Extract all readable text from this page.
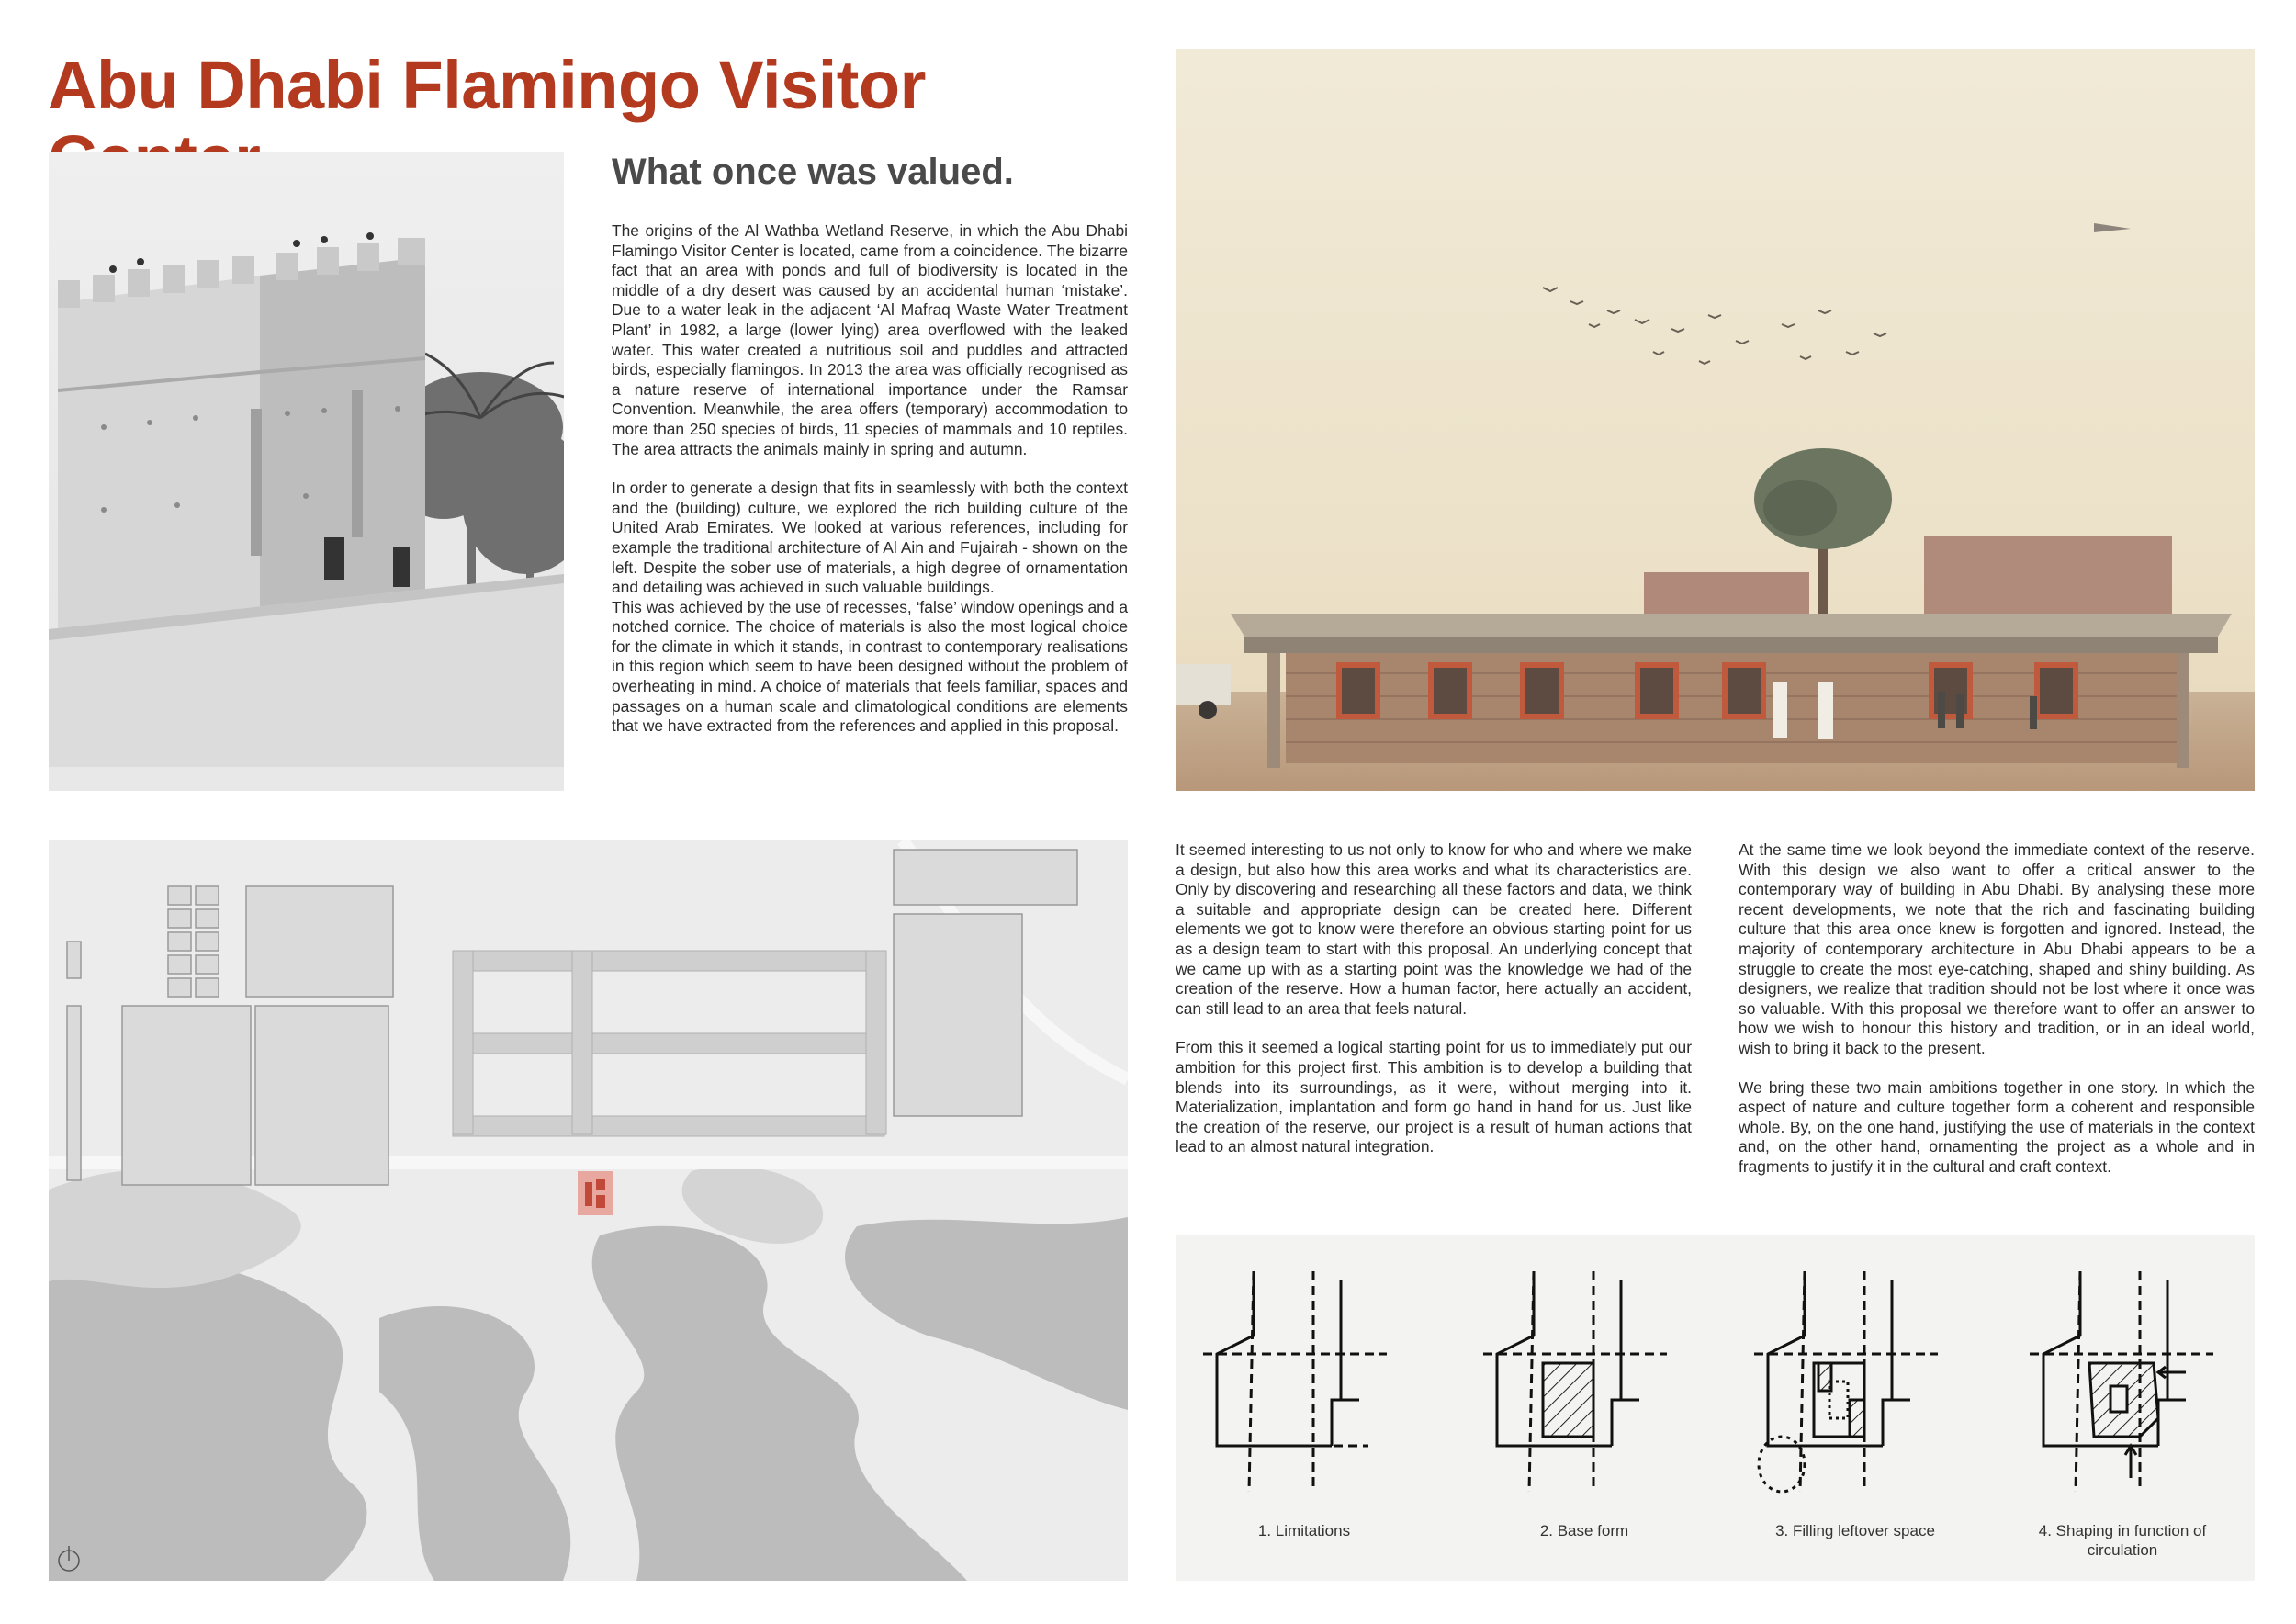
Abu Dhabi Flamingo Visitor
What once was valued.

The origins of the Al Wathba Wetland Reserve, in which the Abu Dhabi Flamingo Visitor Center is located, came from a coincidence. The bizarre fact that an area with ponds and full of biodiversity is located in the middle of a dry desert was caused by an accidental human ‘mistake’. Due to a water leak in the adjacent ‘Al Mafraq Waste Water Treatment Plant’ in 1982, a large (lower lying) area overflowed with the leaked water. This water created a nutritious soil and puddles and attracted birds, especially flamingos. In 2013 the area was officially recognised as a nature reserve of international importance under the Ramsar Convention. Meanwhile, the area offers (temporary) accommodation to more than 250 species of birds, 11 species of mammals and 10 reptiles. The area attracts the animals mainly in spring and autumn.

In order to generate a design that fits in seamlessly with both the context and the (building) culture, we explored the rich building culture of the United Arab Emirates. We looked at various references, including for example the traditional architecture of Al Ain and Fujairah - shown on the left. Despite the sober use of materials, a high degree of ornamentation and detailing was achieved in such valuable buildings.

This was achieved by the use of recesses, ‘false’ window openings and a notched cornice. The choice of materials is also the most logical choice for the climate in which it stands, in contrast to contemporary realisations in this region which seem to have been designed without the problem of overheating in mind. A choice of materials that feels familiar, spaces and passages on a human scale and climatological conditions are elements that we have extracted from the references and applied in this proposal.

It seemed interesting to us not only to know for who and where we make a design, but also how this area works and what its characteristics are. Only by discovering and researching all these factors and data, we think a suitable and appropriate design can be created here. Different elements we got to know were therefore an obvious starting point for us as a design team to start with this proposal. An underlying concept that we came up with as a starting point was the knowledge we had of the creation of the reserve. How a human factor, here actually an accident, can still lead to an area that feels natural.

From this it seemed a logical starting point for us to immediately put our ambition for this project first. This ambition is to develop a building that blends into its surroundings, as it were, without merging into it. Materialization, implantation and form go hand in hand for us. Just like the creation of the reserve, our project is a result of human actions that lead to an almost natural integration.

At the same time we look beyond the immediate context of the reserve. With this design we also want to offer a critical answer to the contemporary way of building in Abu Dhabi. By analysing these more recent developments, we note that the rich and fascinating building culture that this area once knew is forgotten and ignored. Instead, the majority of contemporary architecture in Abu Dhabi appears to be a struggle to create the most eye-catching, shaped and shiny building. As designers, we realize that tradition should not be lost where it once was so valuable. With this proposal we therefore want to offer an answer to how we wish to honour this history and tradition, or in an ideal world, wish to bring it back to the present.

We bring these two main ambitions together in one story. In which the aspect of nature and culture together form a coherent and responsible whole. By, on the one hand, justifying the use of materials in the context and, on the other hand, ornamenting the project as a whole and in fragments to justify it in the cultural and craft context.

1. Limitations	2. Base form	3. Filling leftover space	4. Shaping in function of circulation
